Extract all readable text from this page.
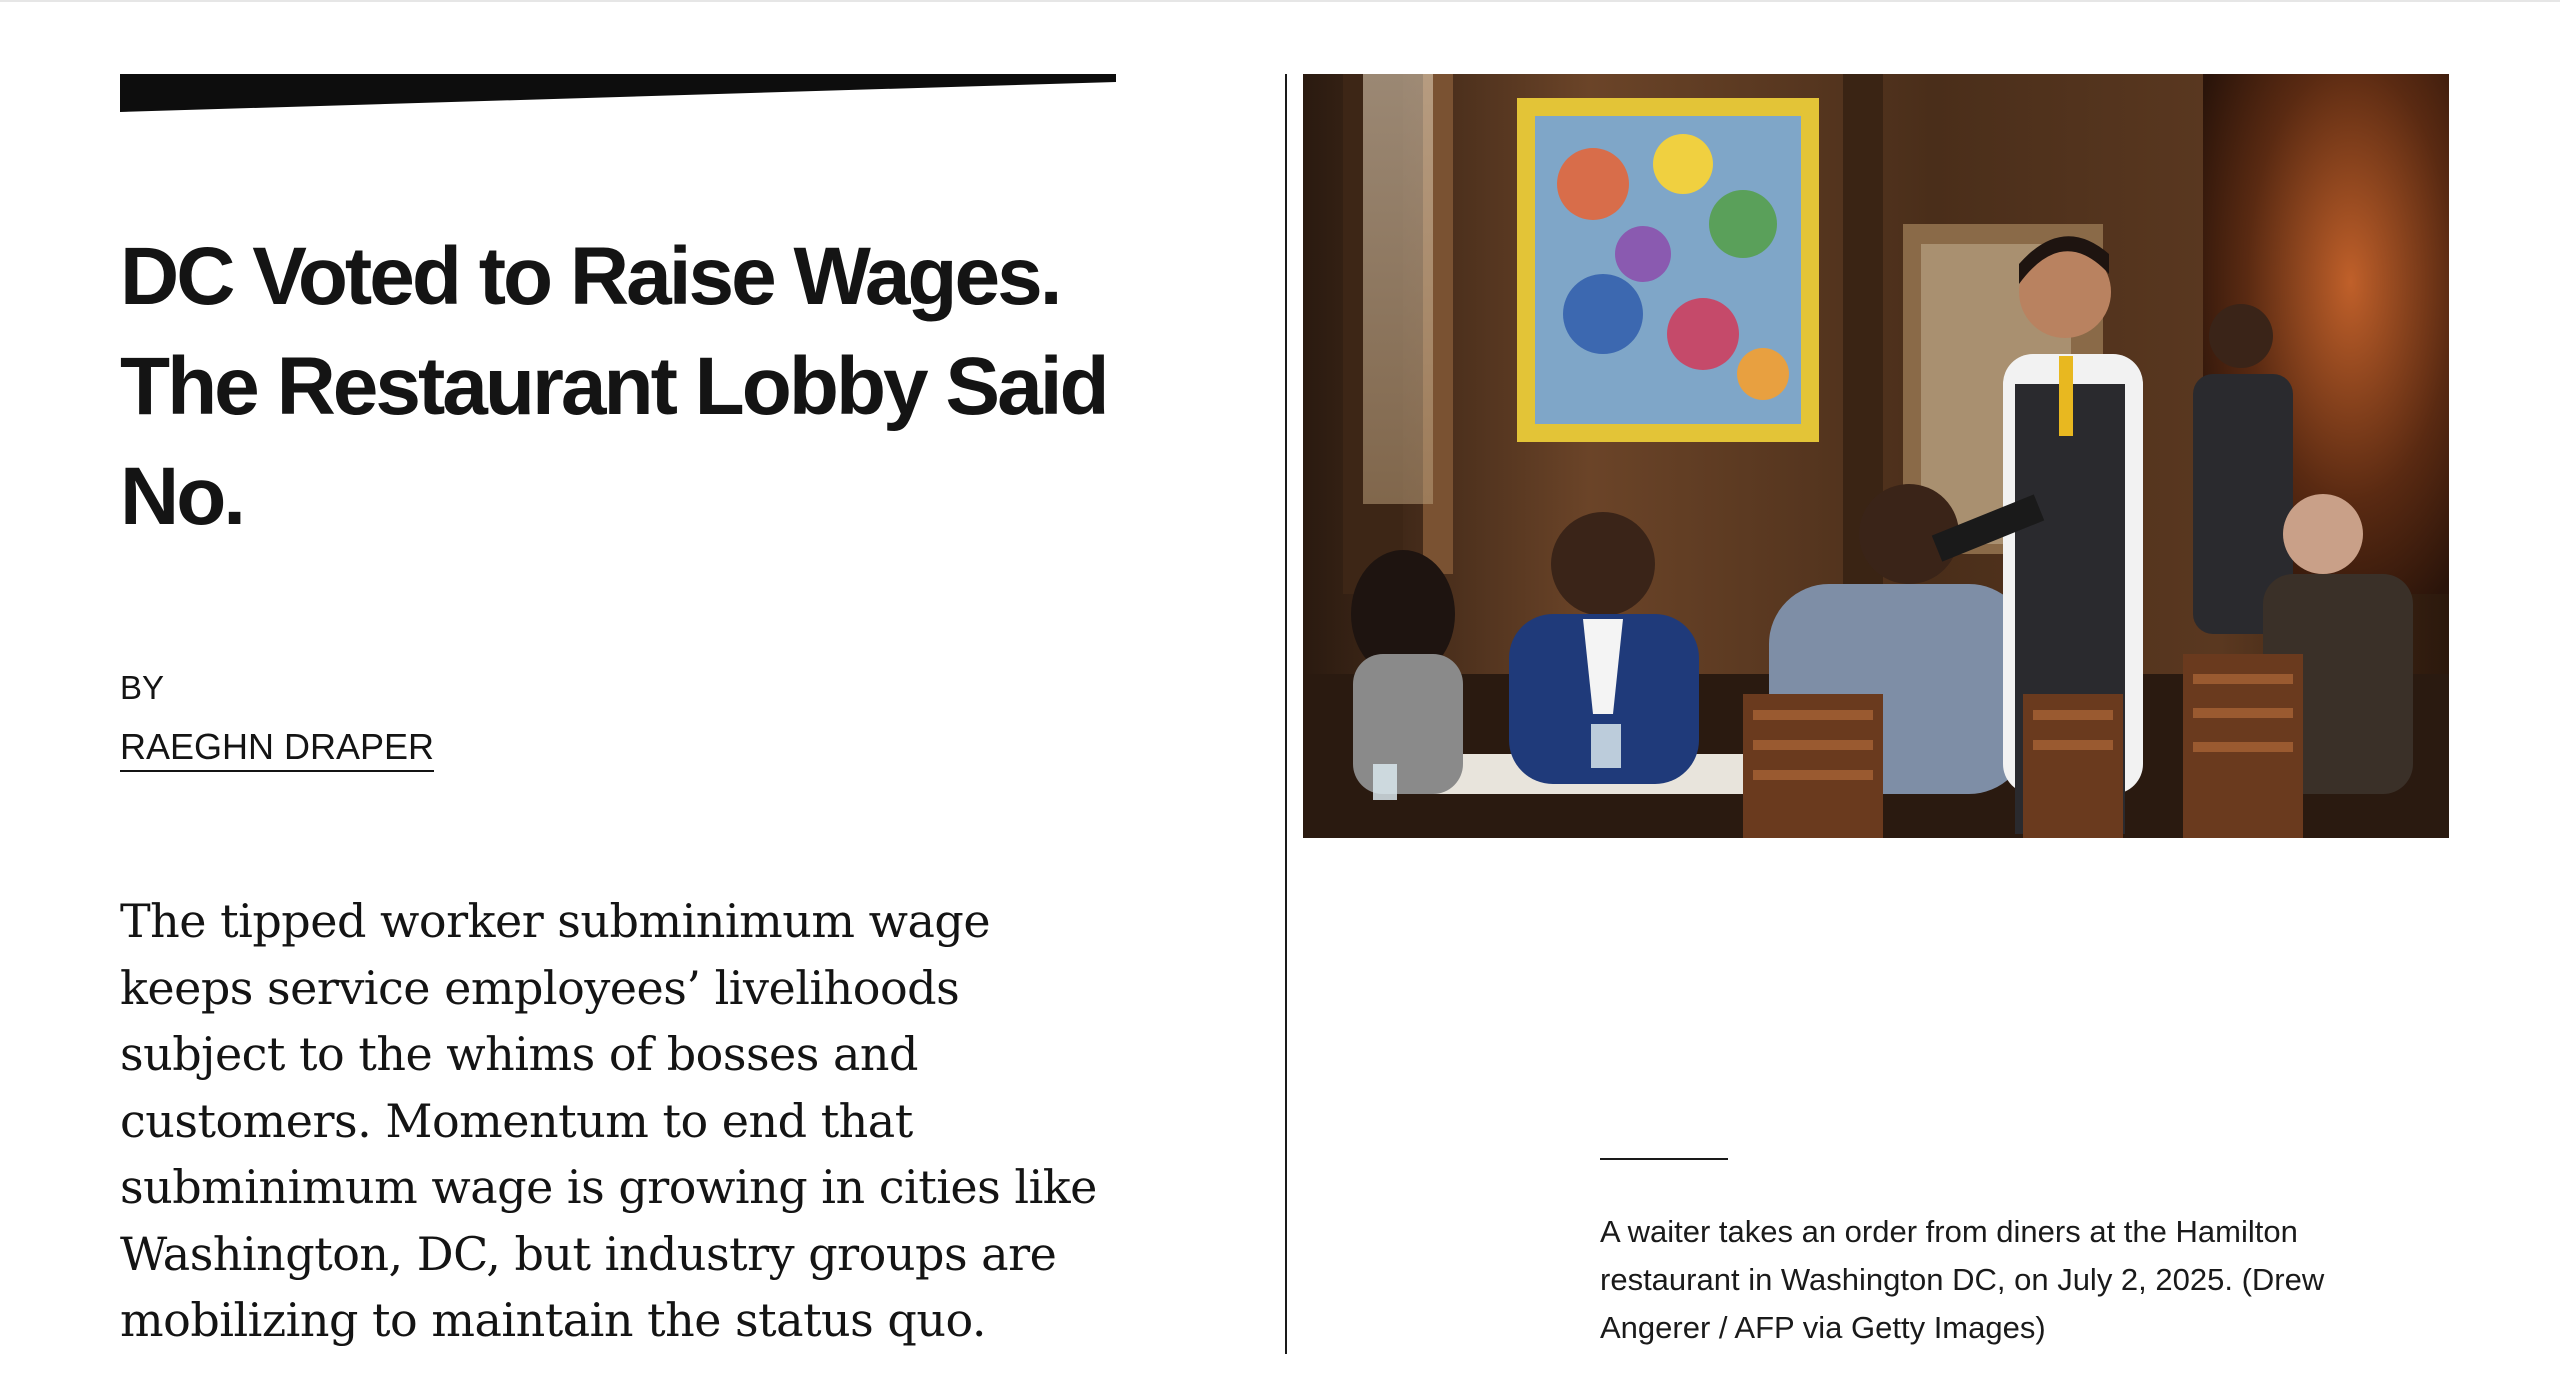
DC Voted to Raise Wages. The Restaurant Lobby Said No.
BY
RAEGHN DRAPER

The tipped worker subminimum wage keeps service employees’ livelihoods subject to the whims of bosses and customers. Momentum to end that subminimum wage is growing in cities like Washington, DC, but industry groups are mobilizing to maintain the status quo.

A waiter takes an order from diners at the Hamilton restaurant in Washington DC, on July 2, 2025. (Drew Angerer / AFP via Getty Images)
